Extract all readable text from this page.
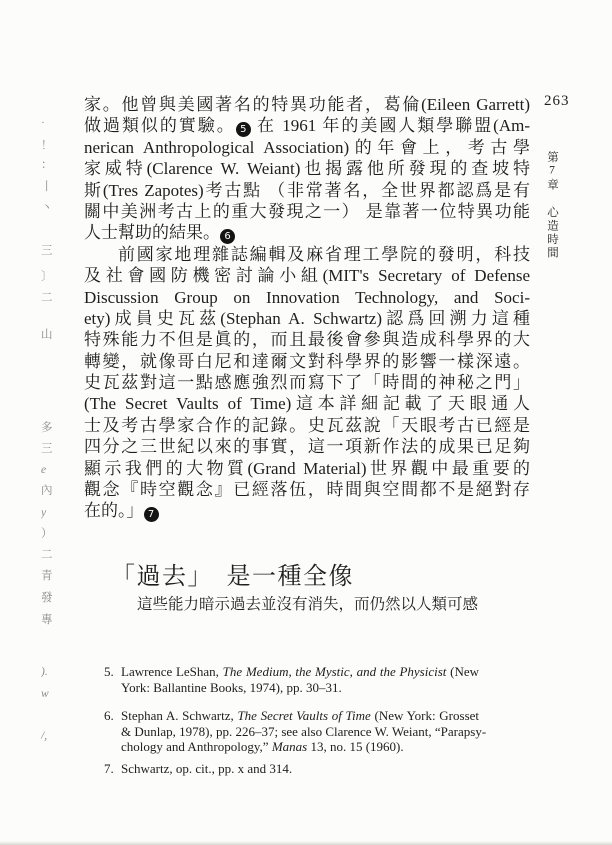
·
！
：
丨
丶
三
〕
二
山
多
三
e
內
y
）
二
青
發
專
).
w
/,
263
第7章
心造時間
家。他曾與美國著名的特異功能者，葛倫(Eileen Garrett)
做過類似的實驗。 5 在 1961 年的美國人類學聯盟(Am-
nerican Anthropological Association)的年會上，考古學
家威特(Clarence W. Weiant)也揭露他所發現的查坡特
斯(Tres Zapotes)考古點 （非常著名，全世界都認爲是有
關中美洲考古上的重大發現之一） 是靠著一位特異功能
人士幫助的結果。 6
前國家地理雜誌編輯及麻省理工學院的發明，科技
及社會國防機密討論小組(MIT's Secretary of Defense
Discussion Group on Innovation Technology, and Soci-
ety)成員史瓦茲(Stephan A. Schwartz)認爲回溯力這種
特殊能力不但是眞的，而且最後會參與造成科學界的大
轉變，就像哥白尼和達爾文對科學界的影響一樣深遠。
史瓦茲對這一點感應強烈而寫下了「時間的神秘之門」
(The Secret Vaults of Time)這本詳細記載了天眼通人
士及考古學家合作的記錄。史瓦茲說「天眼考古已經是
四分之三世紀以來的事實，這一項新作法的成果已足夠
顯示我們的大物質(Grand Material)世界觀中最重要的
觀念『時空觀念』已經落伍，時間與空間都不是絕對存
在的。」 7
「過去」　是一種全像
這些能力暗示過去並沒有消失，而仍然以人類可感
5. Lawrence LeShan, The Medium, the Mystic, and the Physicist (New
York: Ballantine Books, 1974), pp. 30–31.
6. Stephan A. Schwartz, The Secret Vaults of Time (New York: Grosset
& Dunlap, 1978), pp. 226–37; see also Clarence W. Weiant, “Parapsy-
chology and Anthropology,” Manas 13, no. 15 (1960).
7. Schwartz, op. cit., pp. x and 314.
